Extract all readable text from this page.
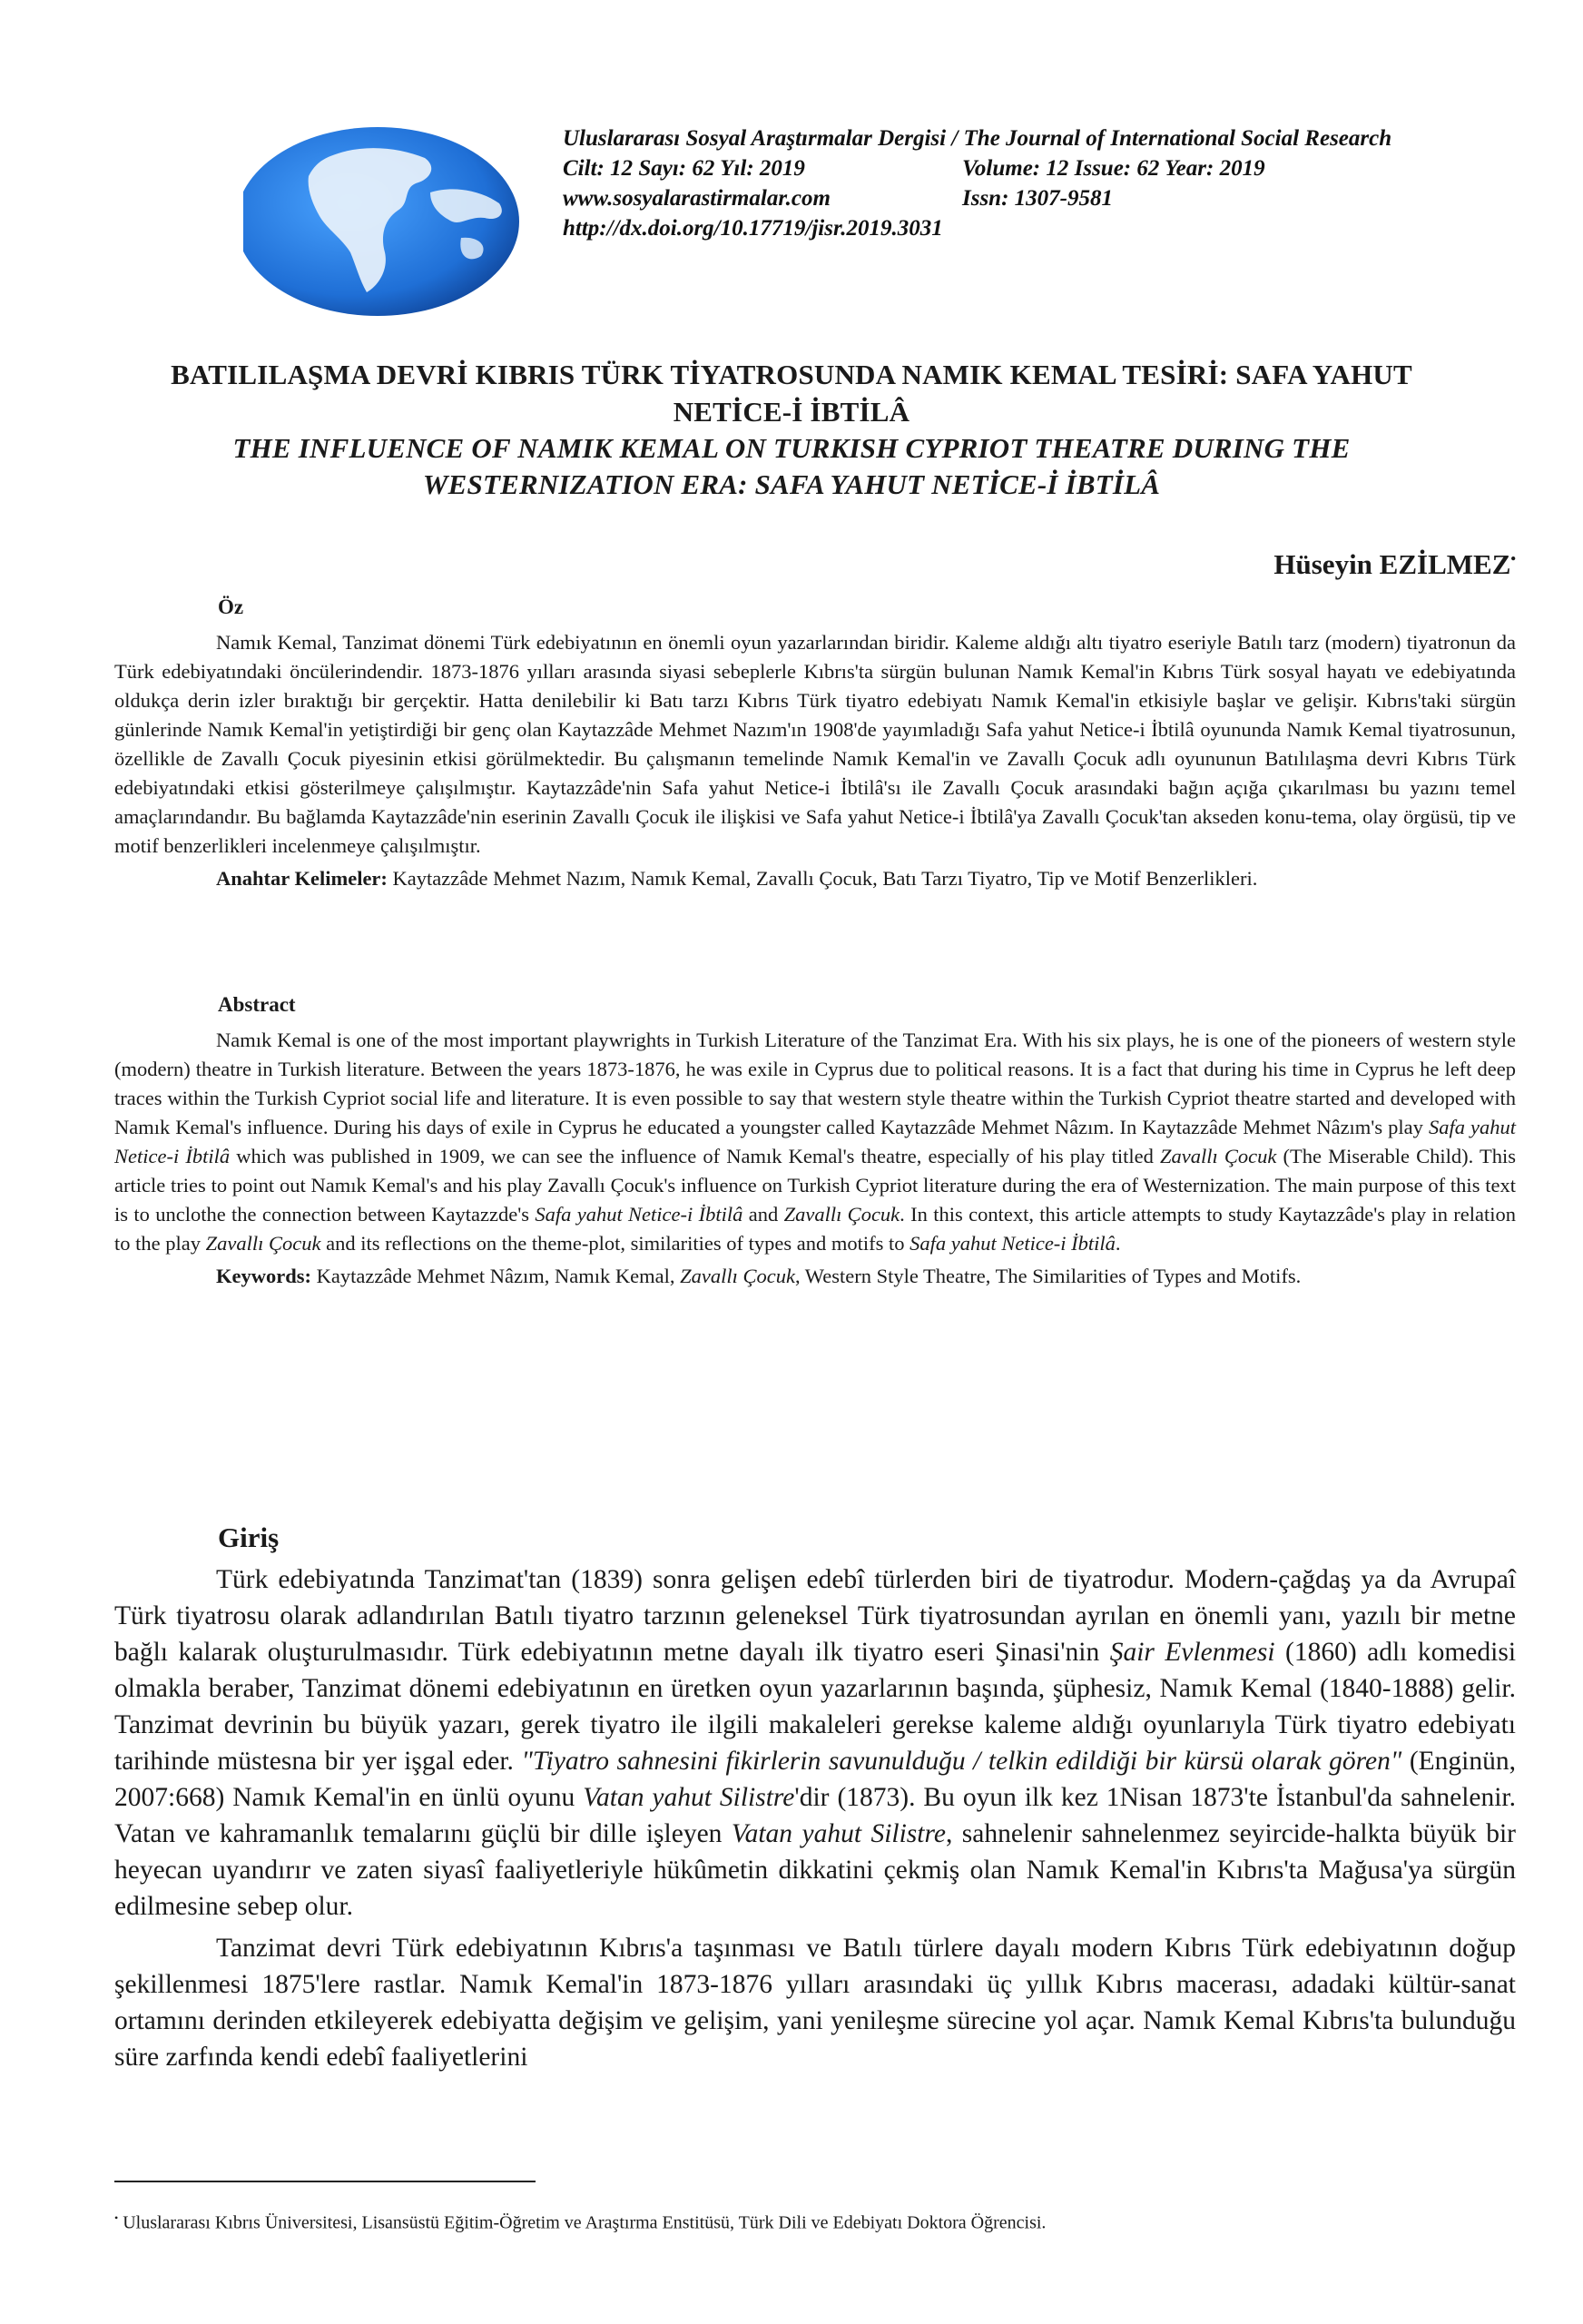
Uluslararası Sosyal Araştırmalar Dergisi / The Journal of International Social Research
Cilt: 12 Sayı: 62 Yıl: 2019	Volume: 12 Issue: 62 Year: 2019
www.sosyalarastirmalar.com	Issn: 1307-9581
http://dx.doi.org/10.17719/jisr.2019.3031
BATILILAŞMA DEVRİ KIBRIS TÜRK TİYATROSUNDA NAMIK KEMAL TESİRİ: SAFA YAHUT
NETİCE-İ İBTİLÂ
THE INFLUENCE OF NAMIK KEMAL ON TURKISH CYPRIOT THEATRE DURING THE
WESTERNIZATION ERA: SAFA YAHUT NETİCE-İ İBTİLÂ
Hüseyin EZİLMEZ•
Öz

Namık Kemal, Tanzimat dönemi Türk edebiyatının en önemli oyun yazarlarından biridir. Kaleme aldığı altı tiyatro eseriyle Batılı tarz (modern) tiyatronun da Türk edebiyatındaki öncülerindendir. 1873-1876 yılları arasında siyasi sebeplerle Kıbrıs'ta sürgün bulunan Namık Kemal'in Kıbrıs Türk sosyal hayatı ve edebiyatında oldukça derin izler bıraktığı bir gerçektir. Hatta denilebilir ki Batı tarzı Kıbrıs Türk tiyatro edebiyatı Namık Kemal'in etkisiyle başlar ve gelişir. Kıbrıs'taki sürgün günlerinde Namık Kemal'in yetiştirdiği bir genç olan Kaytazzâde Mehmet Nazım'ın 1908'de yayımladığı Safa yahut Netice-i İbtilâ oyununda Namık Kemal tiyatrosunun, özellikle de Zavallı Çocuk piyesinin etkisi görülmektedir. Bu çalışmanın temelinde Namık Kemal'in ve Zavallı Çocuk adlı oyununun Batılılaşma devri Kıbrıs Türk edebiyatındaki etkisi gösterilmeye çalışılmıştır. Kaytazzâde'nin Safa yahut Netice-i İbtilâ'sı ile Zavallı Çocuk arasındaki bağın açığa çıkarılması bu yazını temel amaçlarındandır. Bu bağlamda Kaytazzâde'nin eserinin Zavallı Çocuk ile ilişkisi ve Safa yahut Netice-i İbtilâ'ya Zavallı Çocuk'tan akseden konu-tema, olay örgüsü, tip ve motif benzerlikleri incelenmeye çalışılmıştır.

Anahtar Kelimeler: Kaytazzâde Mehmet Nazım, Namık Kemal, Zavallı Çocuk, Batı Tarzı Tiyatro, Tip ve Motif Benzerlikleri.

Abstract

Namık Kemal is one of the most important playwrights in Turkish Literature of the Tanzimat Era. With his six plays, he is one of the pioneers of western style (modern) theatre in Turkish literature. Between the years 1873-1876, he was exile in Cyprus due to political reasons. It is a fact that during his time in Cyprus he left deep traces within the Turkish Cypriot social life and literature. It is even possible to say that western style theatre within the Turkish Cypriot theatre started and developed with Namık Kemal's influence. During his days of exile in Cyprus he educated a youngster called Kaytazzâde Mehmet Nâzım. In Kaytazzâde Mehmet Nâzım's play Safa yahut Netice-i İbtilâ which was published in 1909, we can see the influence of Namık Kemal's theatre, especially of his play titled Zavallı Çocuk (The Miserable Child). This article tries to point out Namık Kemal's and his play Zavallı Çocuk's influence on Turkish Cypriot literature during the era of Westernization. The main purpose of this text is to unclothe the connection between Kaytazzde's Safa yahut Netice-i İbtilâ and Zavallı Çocuk. In this context, this article attempts to study Kaytazzâde's play in relation to the play Zavallı Çocuk and its reflections on the theme-plot, similarities of types and motifs to Safa yahut Netice-i İbtilâ.

Keywords: Kaytazzâde Mehmet Nâzım, Namık Kemal, Zavallı Çocuk, Western Style Theatre, The Similarities of Types and Motifs.

Giriş

Türk edebiyatında Tanzimat'tan (1839) sonra gelişen edebî türlerden biri de tiyatrodur. Modern-çağdaş ya da Avrupaî Türk tiyatrosu olarak adlandırılan Batılı tiyatro tarzının geleneksel Türk tiyatrosundan ayrılan en önemli yanı, yazılı bir metne bağlı kalarak oluşturulmasıdır. Türk edebiyatının metne dayalı ilk tiyatro eseri Şinasi'nin Şair Evlenmesi (1860) adlı komedisi olmakla beraber, Tanzimat dönemi edebiyatının en üretken oyun yazarlarının başında, şüphesiz, Namık Kemal (1840-1888) gelir. Tanzimat devrinin bu büyük yazarı, gerek tiyatro ile ilgili makaleleri gerekse kaleme aldığı oyunlarıyla Türk tiyatro edebiyatı tarihinde müstesna bir yer işgal eder. "Tiyatro sahnesini fikirlerin savunulduğu / telkin edildiği bir kürsü olarak gören" (Enginün, 2007:668) Namık Kemal'in en ünlü oyunu Vatan yahut Silistre'dir (1873). Bu oyun ilk kez 1Nisan 1873'te İstanbul'da sahnelenir. Vatan ve kahramanlık temalarını güçlü bir dille işleyen Vatan yahut Silistre, sahnelenir sahnelenmez seyircide-halkta büyük bir heyecan uyandırır ve zaten siyasî faaliyetleriyle hükûmetin dikkatini çekmiş olan Namık Kemal'in Kıbrıs'ta Mağusa'ya sürgün edilmesine sebep olur.

Tanzimat devri Türk edebiyatının Kıbrıs'a taşınması ve Batılı türlere dayalı modern Kıbrıs Türk edebiyatının doğup şekillenmesi 1875'lere rastlar. Namık Kemal'in 1873-1876 yılları arasındaki üç yıllık Kıbrıs macerası, adadaki kültür-sanat ortamını derinden etkileyerek edebiyatta değişim ve gelişim, yani yenileşme sürecine yol açar. Namık Kemal Kıbrıs'ta bulunduğu süre zarfında kendi edebî faaliyetlerini

• Uluslararası Kıbrıs Üniversitesi, Lisansüstü Eğitim-Öğretim ve Araştırma Enstitüsü, Türk Dili ve Edebiyatı Doktora Öğrencisi.
